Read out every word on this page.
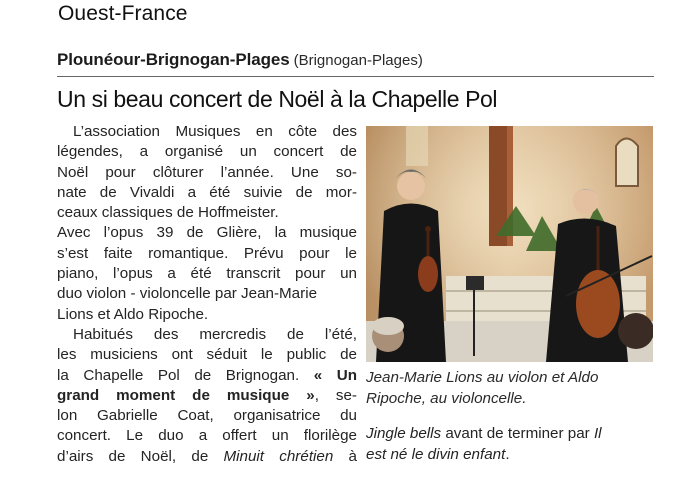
Ouest-France
Plounéour-Brignogan-Plages (Brignogan-Plages)
Un si beau concert de Noël à la Chapelle Pol
L’association Musiques en côte des
légendes, a organisé un concert de
Noël pour clôturer l’année. Une so-
nate de Vivaldi a été suivie de mor-
ceaux classiques de Hoffmeister.
Avec l’opus 39 de Glière, la musique
s’est faite romantique. Prévu pour le
piano, l’opus a été transcrit pour un
duo violon - violoncelle par Jean-Marie
Lions et Aldo Ripoche.
Habitués des mercredis de l’été,
les musiciens ont séduit le public de
la Chapelle Pol de Brignogan. « Un
grand moment de musique », se-
lon Gabrielle Coat, organisatrice du
concert. Le duo a offert un florilège
d’airs de Noël, de Minuit chrétien à
Jean-Marie Lions au violon et Aldo
Ripoche, au violoncelle.
Jingle bells avant de terminer par Il
est né le divin enfant.
